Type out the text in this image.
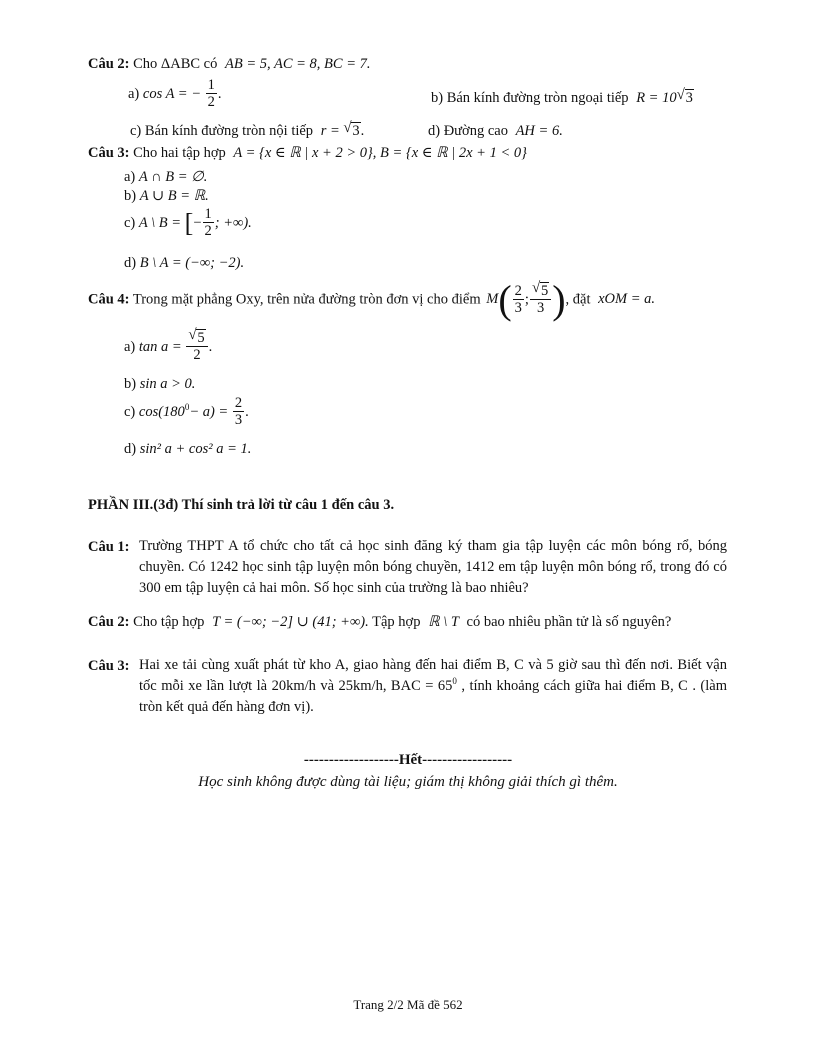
Câu 2: Cho ΔABC có AB = 5, AC = 8, BC = 7.
a) cos A = − $\frac{1}{2}$ .	b) Bán kính đường tròn ngoại tiếp R = 10 √ 3
c) Bán kính đường tròn nội tiếp r = √ 3.	d) Đường cao AH = 6.
Câu 3: Cho hai tập hợp A = {x ∈ ℝ | x + 2 > 0}, B = {x ∈ ℝ | 2x + 1 < 0}
a) A ∩ B = ∅.
b) A ∪ B = ℝ.
c) A \ B = [− $\frac{1}{2}$ ; +∞).
d) B \ A = (−∞; −2).
Câu 4: Trong mặt phẳng Oxy, trên nửa đường tròn đơn vị cho điểm $M( \frac{2}{3}$ ; $\frac{√ 5}{3}$ ), đặt xOM = a.
a) $\tan a = \frac{√ 5}{2}$ .
b) sin a > 0.
c) $\cos(180^0- a) = \frac{2}{3}$ .
d) sin² a + cos² a = 1.
PHẦN III.(3đ) Thí sinh trả lời từ câu 1 đến câu 3.
Câu 1: Trường THPT A tổ chức cho tất cả học sinh đăng ký tham gia tập luyện các môn bóng rổ, bóng chuyền. Có 1242 học sinh tập luyện môn bóng chuyền, 1412 em tập luyện môn bóng rổ, trong đó có 300 em tập luyện cả hai môn. Số học sinh của trường là bao nhiêu?
Câu 2: Cho tập hợp T = (−∞; −2] ∪ (41; +∞). Tập hợp ℝ \ T có bao nhiêu phần tử là số nguyên?
Câu 3: Hai xe tải cùng xuất phát từ kho A, giao hàng đến hai điểm B, C và 5 giờ sau thì đến nơi. Biết vận tốc mỗi xe lần lượt là 20km/h và 25km/h, BAC = $65^0$ , tính khoảng cách giữa hai điểm B, C . (làm tròn kết quả đến hàng đơn vị).
-------------------Hết------------------
Học sinh không được dùng tài liệu; giám thị không giải thích gì thêm.
Trang 2/2 Mã đề 562
